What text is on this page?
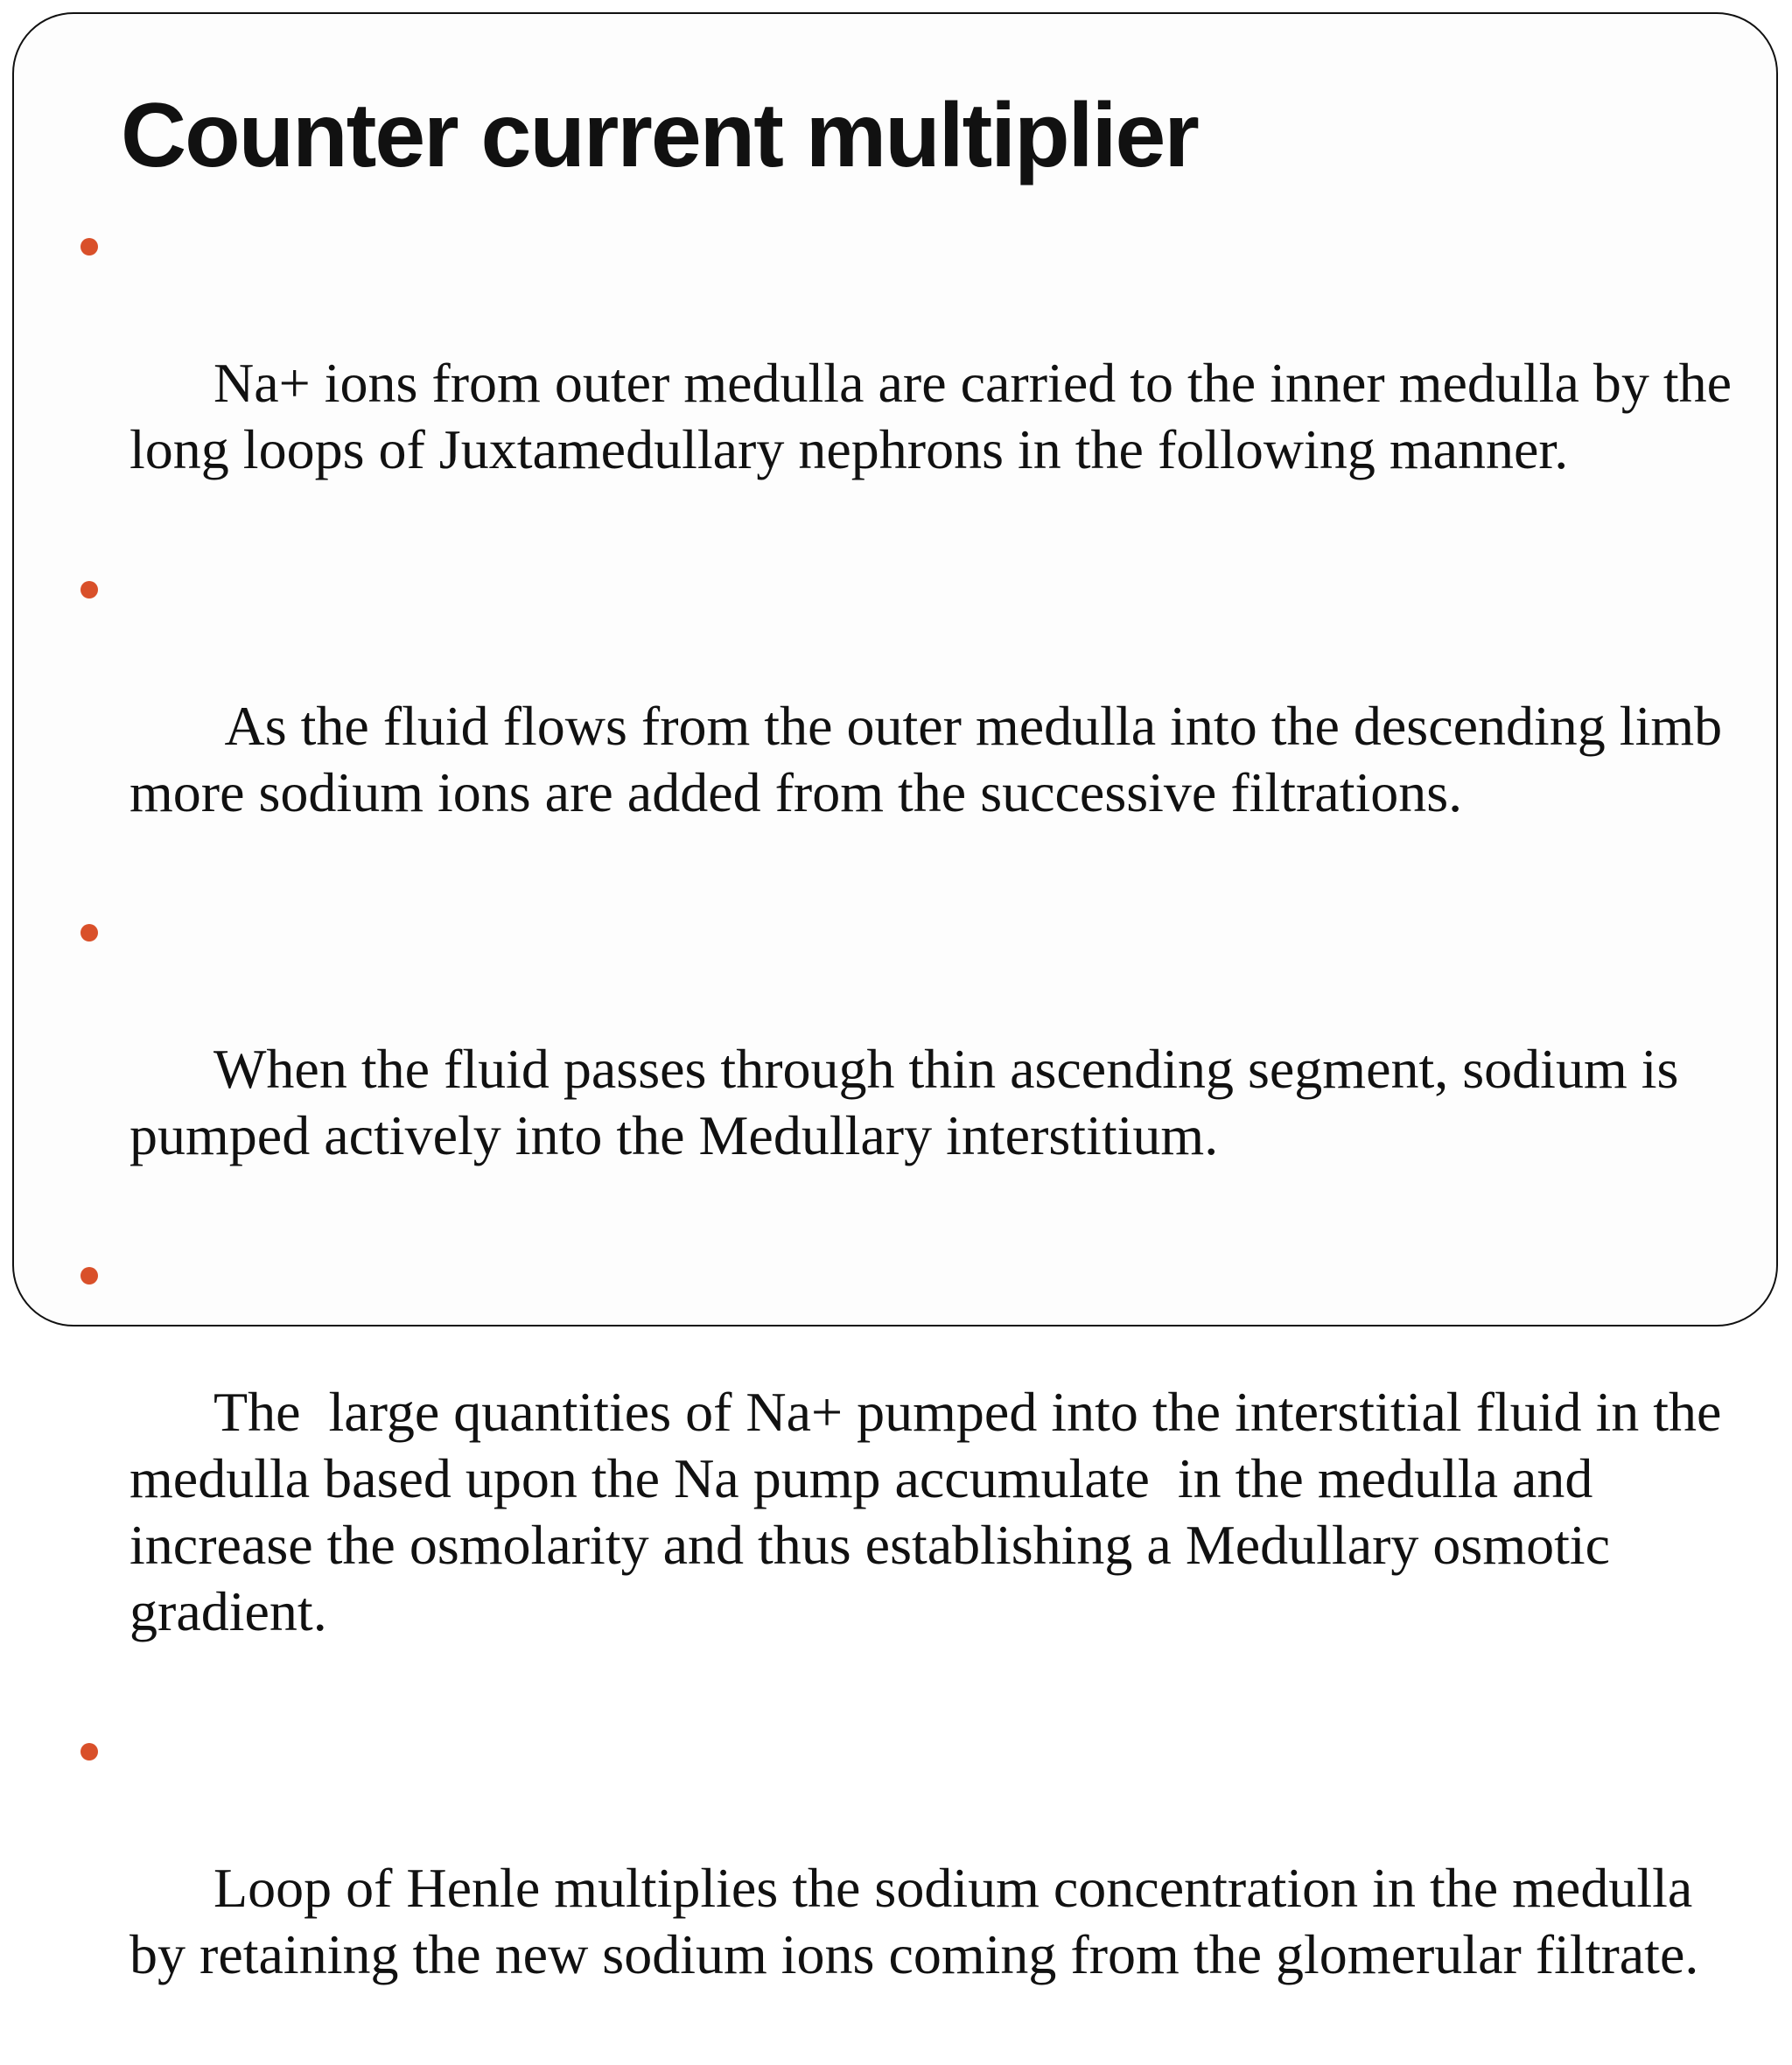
Counter current multiplier

Na+ ions from outer medulla are carried to the inner medulla by the long loops of Juxtamedullary nephrons in the following manner.

As the fluid flows from the outer medulla into the descending limb more sodium ions are added from the successive filtrations.

When the fluid passes through thin ascending segment, sodium is pumped actively into the Medullary interstitium.

The  large quantities of Na+ pumped into the interstitial fluid in the medulla based upon the Na pump accumulate  in the medulla and increase the osmolarity and thus establishing a Medullary osmotic gradient.

Loop of Henle multiplies the sodium concentration in the medulla by retaining the new sodium ions coming from the glomerular filtrate.
